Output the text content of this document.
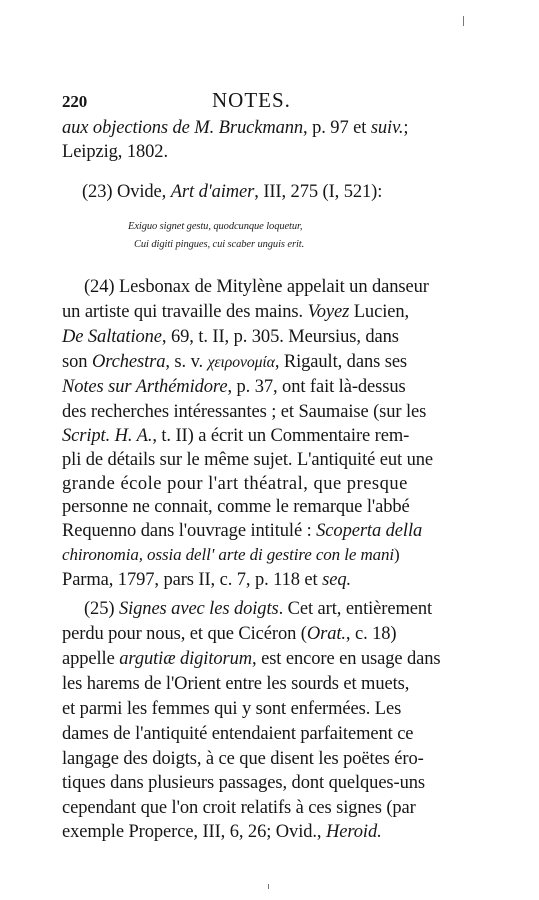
220	NOTES.
aux objections de M. Bruckmann, p. 97 et suiv.;
Leipzig, 1802.
(23) Ovide, Art d'aimer, III, 275 (I, 521):
Exiguo signet gestu, quodcunque loquetur,
Cui digiti pingues, cui scaber unguis erit.
(24) Lesbonax de Mitylène appelait un danseur
un artiste qui travaille des mains. Voyez Lucien,
De Saltatione, 69, t. II, p. 305. Meursius, dans
son Orchestra, s. v. χειρονομία, Rigault, dans ses
Notes sur Arthémidore, p. 37, ont fait là-dessus
des recherches intéressantes ; et Saumaise (sur les
Script. H. A., t. II) a écrit un Commentaire rem-
pli de détails sur le même sujet. L'antiquité eut une
grande école pour l'art théatral, que presque
personne ne connait, comme le remarque l'abbé
Requenno dans l'ouvrage intitulé : Scoperta della
chironomia, ossia dell' arte di gestire con le mani)
Parma, 1797, pars II, c. 7, p. 118 et seq.
(25) Signes avec les doigts. Cet art, entièrement
perdu pour nous, et que Cicéron (Orat., c. 18)
appelle argutiæ digitorum, est encore en usage dans
les harems de l'Orient entre les sourds et muets,
et parmi les femmes qui y sont enfermées. Les
dames de l'antiquité entendaient parfaitement ce
langage des doigts, à ce que disent les poëtes éro-
tiques dans plusieurs passages, dont quelques-uns
cependant que l'on croit relatifs à ces signes (par
exemple Properce, III, 6, 26; Ovid., Heroid.
